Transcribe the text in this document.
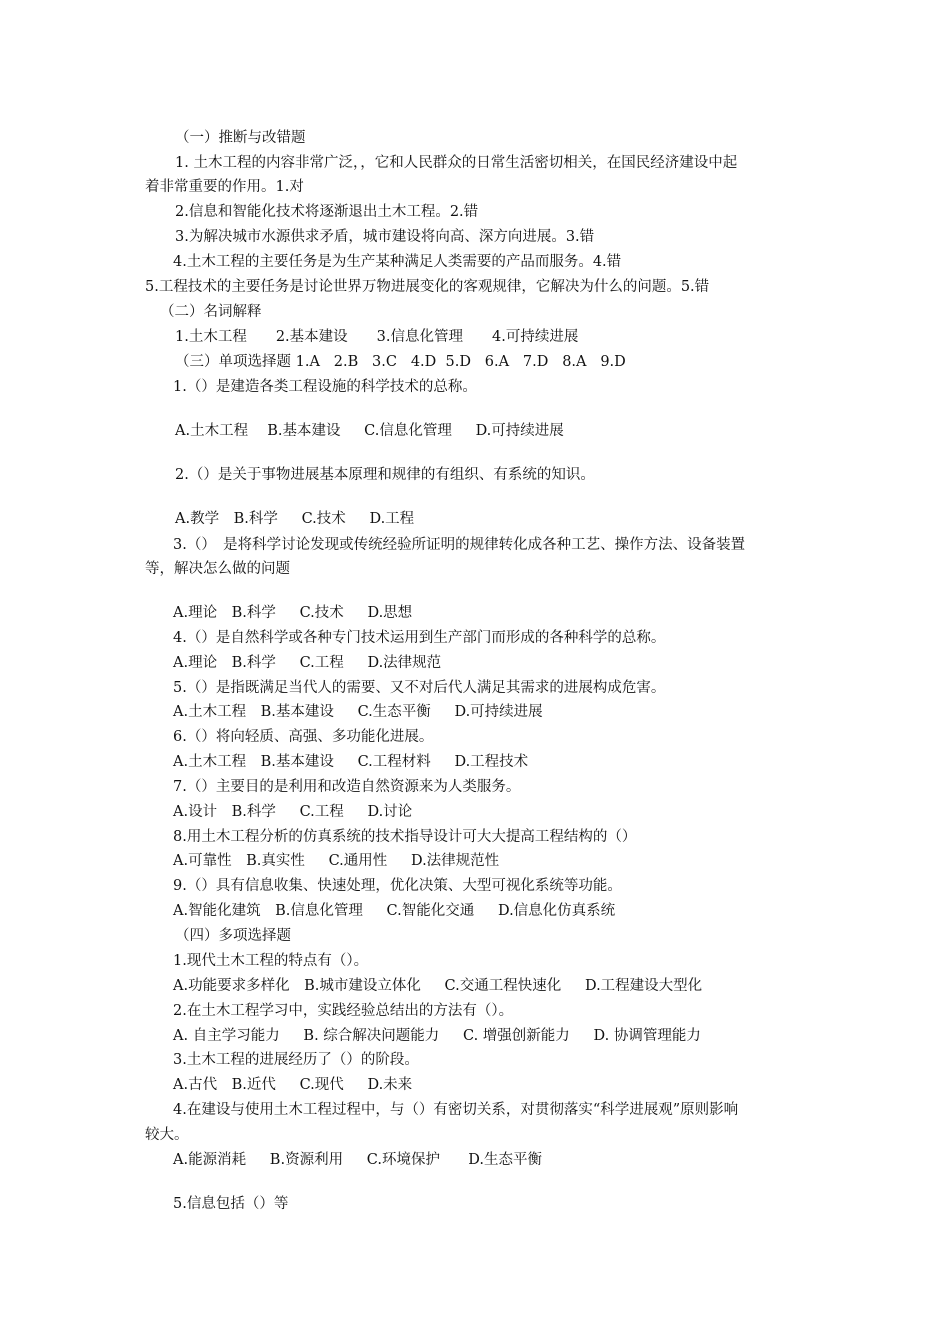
（一）推断与改错题
1. 土木工程的内容非常广泛，，它和人民群众的日常生活密切相关，在国民经济建设中起
着非常重要的作用。1.对
2.信息和智能化技术将逐渐退出土木工程。2.错
3.为解决城市水源供求矛盾，城市建设将向高、深方向进展。3.错
4.土木工程的主要任务是为生产某种满足人类需要的产品而服务。4.错
5.工程技术的主要任务是讨论世界万物进展变化的客观规律，它解决为什么的问题。5.错
（二）名词解释
1.土木工程　　2.基本建设　　3.信息化管理　　4.可持续进展
（三）单项选择题 1.A   2.B   3.C   4.D  5.D   6.A   7.D   8.A   9.D
1.（）是建造各类工程设施的科学技术的总称。
A.土木工程　 B.基本建设　  C.信息化管理　  D.可持续进展
2.（）是关于事物进展基本原理和规律的有组织、有系统的知识。
A.教学　B.科学　  C.技术　  D.工程
3.（）　是将科学讨论发现或传统经验所证明的规律转化成各种工艺、操作方法、设备装置
等，解决怎么做的问题
A.理论　B.科学　  C.技术　  D.思想
4.（）是自然科学或各种专门技术运用到生产部门而形成的各种科学的总称。
A.理论　B.科学　  C.工程　  D.法律规范
5.（）是指既满足当代人的需要、又不对后代人满足其需求的进展构成危害。
A.土木工程　B.基本建设　  C.生态平衡　  D.可持续进展
6.（）将向轻质、高强、多功能化进展。
A.土木工程　B.基本建设　  C.工程材料　  D.工程技术
7.（）主要目的是利用和改造自然资源来为人类服务。
A.设计　B.科学　  C.工程　  D.讨论
8.用土木工程分析的仿真系统的技术指导设计可大大提高工程结构的（）
A.可靠性　B.真实性　  C.通用性　  D.法律规范性
9.（）具有信息收集、快速处理，优化决策、大型可视化系统等功能。
A.智能化建筑　B.信息化管理　  C.智能化交通　  D.信息化仿真系统
（四）多项选择题
1.现代土木工程的特点有（）。
A.功能要求多样化　B.城市建设立体化　  C.交通工程快速化　  D.工程建设大型化
2.在土木工程学习中，实践经验总结出的方法有（）。
A. 自主学习能力　  B. 综合解决问题能力　  C. 增强创新能力　  D. 协调管理能力
3.土木工程的进展经历了（）的阶段。
A.古代　B.近代　  C.现代　  D.未来
4.在建设与使用土木工程过程中，与（）有密切关系，对贯彻落实“科学进展观”原则影响
较大。
A.能源消耗　  B.资源利用　  C.环境保护　   D.生态平衡
5.信息包括（）等
